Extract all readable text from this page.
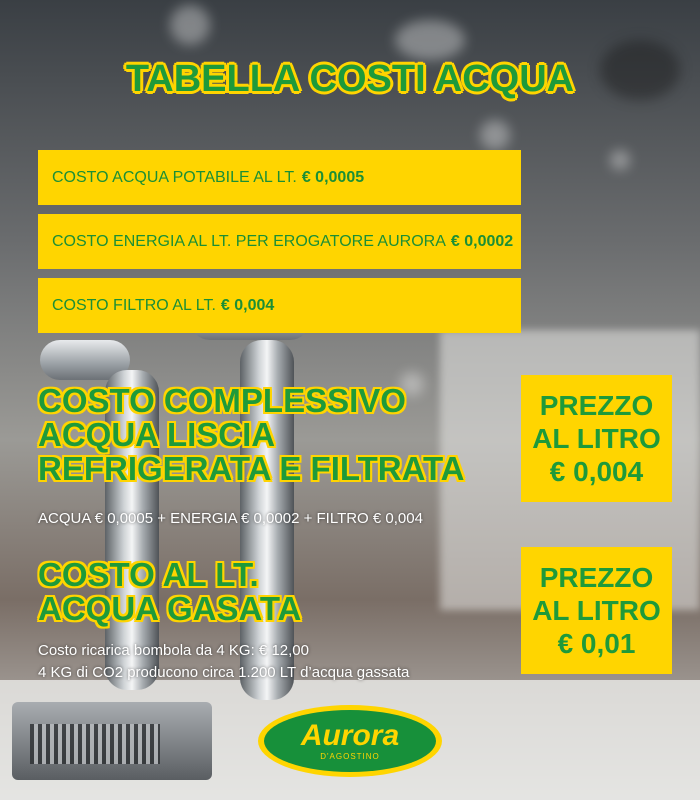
TABELLA COSTI ACQUA
COSTO ACQUA POTABILE AL LT. € 0,0005
COSTO ENERGIA AL LT. PER EROGATORE AURORA € 0,0002
COSTO FILTRO AL LT. € 0,004
COSTO COMPLESSIVO
ACQUA LISCIA
REFRIGERATA E FILTRATA
ACQUA € 0,0005 + ENERGIA € 0,0002 + FILTRO € 0,004
PREZZO
AL LITRO
€ 0,004
COSTO AL LT.
ACQUA GASATA
Costo ricarica bombola da 4 KG: € 12,00
4 KG di CO2 producono circa 1.200 LT d’acqua gassata
PREZZO
AL LITRO
€ 0,01
Aurora
D'AGOSTINO
